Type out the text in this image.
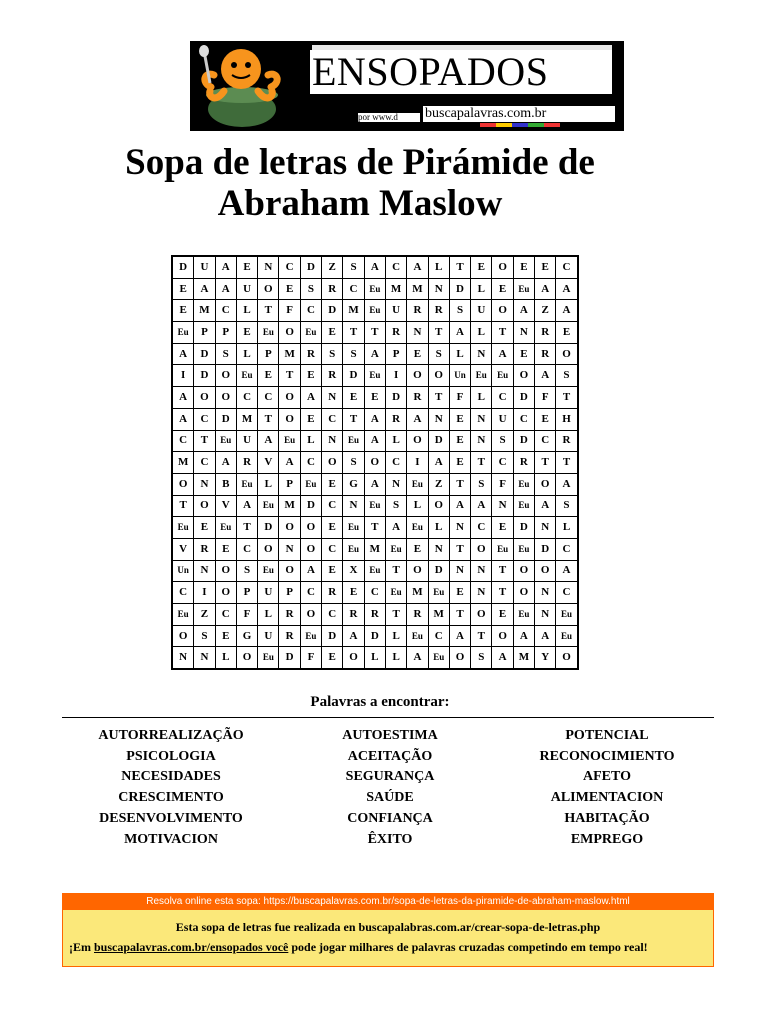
ENSOPADOS
por www.d	buscapalavras.com.br
Sopa de letras de Pirámide de
Abraham Maslow
D	U	A	E	N	C	D	Z	S	A	C	A	L	T	E	O	E	E	C
E	A	A	U	O	E	S	R	C	Eu	M	M	N	D	L	E	Eu	A	A
E	M	C	L	T	F	C	D	M	Eu	U	R	R	S	U	O	A	Z	A
Eu	P	P	E	Eu	O	Eu	E	T	T	R	N	T	A	L	T	N	R	E
A	D	S	L	P	M	R	S	S	A	P	E	S	L	N	A	E	R	O
I	D	O	Eu	E	T	E	R	D	Eu	I	O	O	Un	Eu	Eu	O	A	S
A	O	O	C	C	O	A	N	E	E	D	R	T	F	L	C	D	F	T
A	C	D	M	T	O	E	C	T	A	R	A	N	E	N	U	C	E	H
C	T	Eu	U	A	Eu	L	N	Eu	A	L	O	D	E	N	S	D	C	R
M	C	A	R	V	A	C	O	S	O	C	I	A	E	T	C	R	T	T
O	N	B	Eu	L	P	Eu	E	G	A	N	Eu	Z	T	S	F	Eu	O	A
T	O	V	A	Eu	M	D	C	N	Eu	S	L	O	A	A	N	Eu	A	S
Eu	E	Eu	T	D	O	O	E	Eu	T	A	Eu	L	N	C	E	D	N	L
V	R	E	C	O	N	O	C	Eu	M	Eu	E	N	T	O	Eu	Eu	D	C
Un	N	O	S	Eu	O	A	E	X	Eu	T	O	D	N	N	T	O	O	A
C	I	O	P	U	P	C	R	E	C	Eu	M	Eu	E	N	T	O	N	C
Eu	Z	C	F	L	R	O	C	R	R	T	R	M	T	O	E	Eu	N	Eu
O	S	E	G	U	R	Eu	D	A	D	L	Eu	C	A	T	O	A	A	Eu
N	N	L	O	Eu	D	F	E	O	L	L	A	Eu	O	S	A	M	Y	O
Palavras a encontrar:
AUTORREALIZAÇÃO
PSICOLOGIA
NECESIDADES
CRESCIMENTO
DESENVOLVIMENTO
MOTIVACION
AUTOESTIMA
ACEITAÇÃO
SEGURANÇA
SAÚDE
CONFIANÇA
ÊXITO
POTENCIAL
RECONOCIMIENTO
AFETO
ALIMENTACION
HABITAÇÃO
EMPREGO
Resolva online esta sopa: https://buscapalavras.com.br/sopa-de-letras-da-piramide-de-abraham-maslow.html
Esta sopa de letras fue realizada en buscapalabras.com.ar/crear-sopa-de-letras.php
¡Em buscapalavras.com.br/ensopados você pode jogar milhares de palavras cruzadas competindo em tempo real!
